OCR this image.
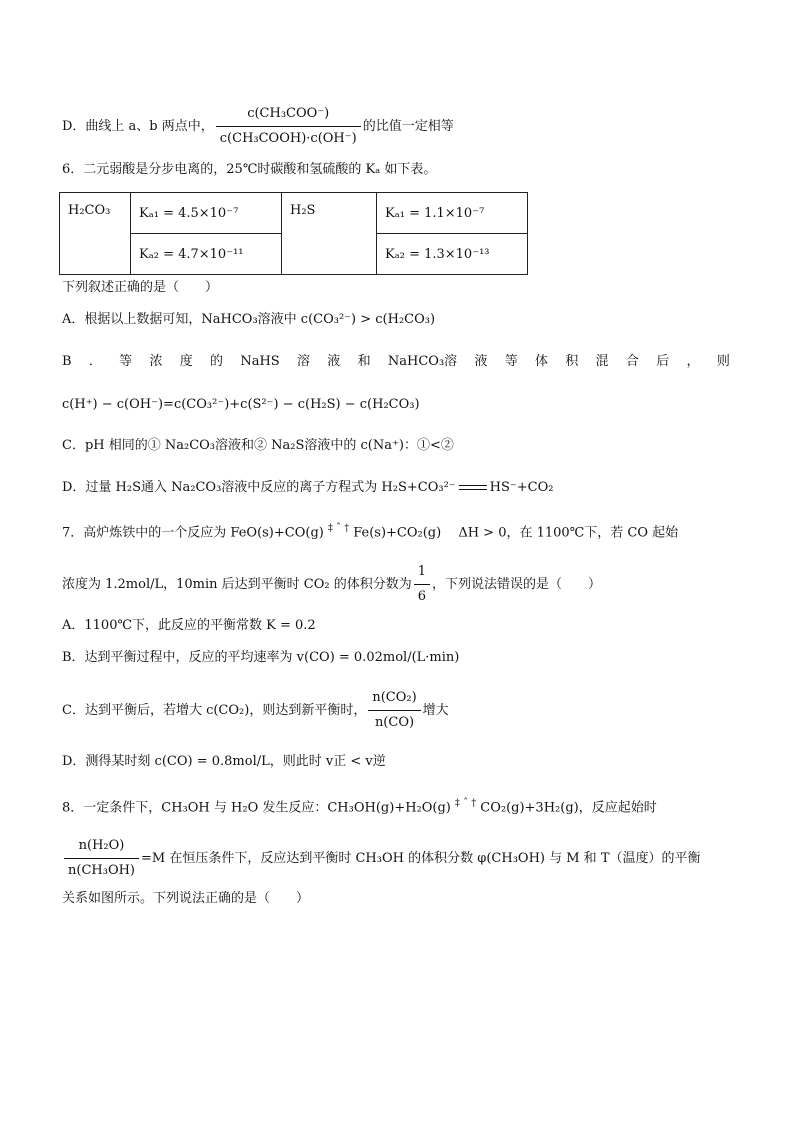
D．曲线上 a、b 两点中， $\frac{\text{c(CH₃COO⁻)}}{\text{c(CH₃COOH)·c(OH⁻)}}$ 的比值一定相等
6．二元弱酸是分步电离的，25℃时碳酸和氢硫酸的 Kₐ 如下表。
H₂CO₃	Kₐ₁ = 4.5×10⁻⁷	H₂S	Kₐ₁ = 1.1×10⁻⁷
	Kₐ₂ = 4.7×10⁻¹¹		Kₐ₂ = 1.3×10⁻¹³
下列叙述正确的是（　　）
A．根据以上数据可知，NaHCO₃溶液中 c(CO₃²⁻) > c(H₂CO₃)
B ． 等 浓 度 的 NaHS 溶 液 和 NaHCO₃溶 液 等 体 积 混 合 后 ， 则
c(H⁺) − c(OH⁻)=c(CO₃²⁻)+c(S²⁻) − c(H₂S) − c(H₂CO₃)
C．pH 相同的① Na₂CO₃溶液和② Na₂S溶液中的 c(Na⁺)：①<②
D．过量 H₂S通入 Na₂CO₃溶液中反应的离子方程式为 H₂S+CO₃²⁻	HS⁻+CO₂
7．高炉炼铁中的一个反应为 FeO(s)+CO(g) $^{\ddagger ˆ \dagger}$ Fe(s)+CO₂(g)　 ΔH > 0，在 1100℃下，若 CO 起始
浓度为 1.2mol/L，10min 后达到平衡时 CO₂ 的体积分数为 $\frac{1}{6}$ ，下列说法错误的是（　　）
A．1100℃下，此反应的平衡常数 K = 0.2
B．达到平衡过程中，反应的平均速率为 v(CO) = 0.02mol/(L·min)
C．达到平衡后，若增大 c(CO₂)，则达到新平衡时， $\frac{\text{n(CO₂)}}{n(CO)}$ 增大
D．测得某时刻 c(CO) = 0.8mol/L，则此时 v正 < v逆
8．一定条件下，CH₃OH 与 H₂O 发生反应：CH₃OH(g)+H₂O(g) $^{\ddagger ˆ \dagger}$ CO₂(g)+3H₂(g)，反应起始时
$\frac{\text{n(H₂O)}}{\text{n(CH₃OH)}} =M$ 在恒压条件下，反应达到平衡时 CH₃OH 的体积分数 φ(CH₃OH) 与 M 和 T（温度）的平衡
关系如图所示。下列说法正确的是（　　）
